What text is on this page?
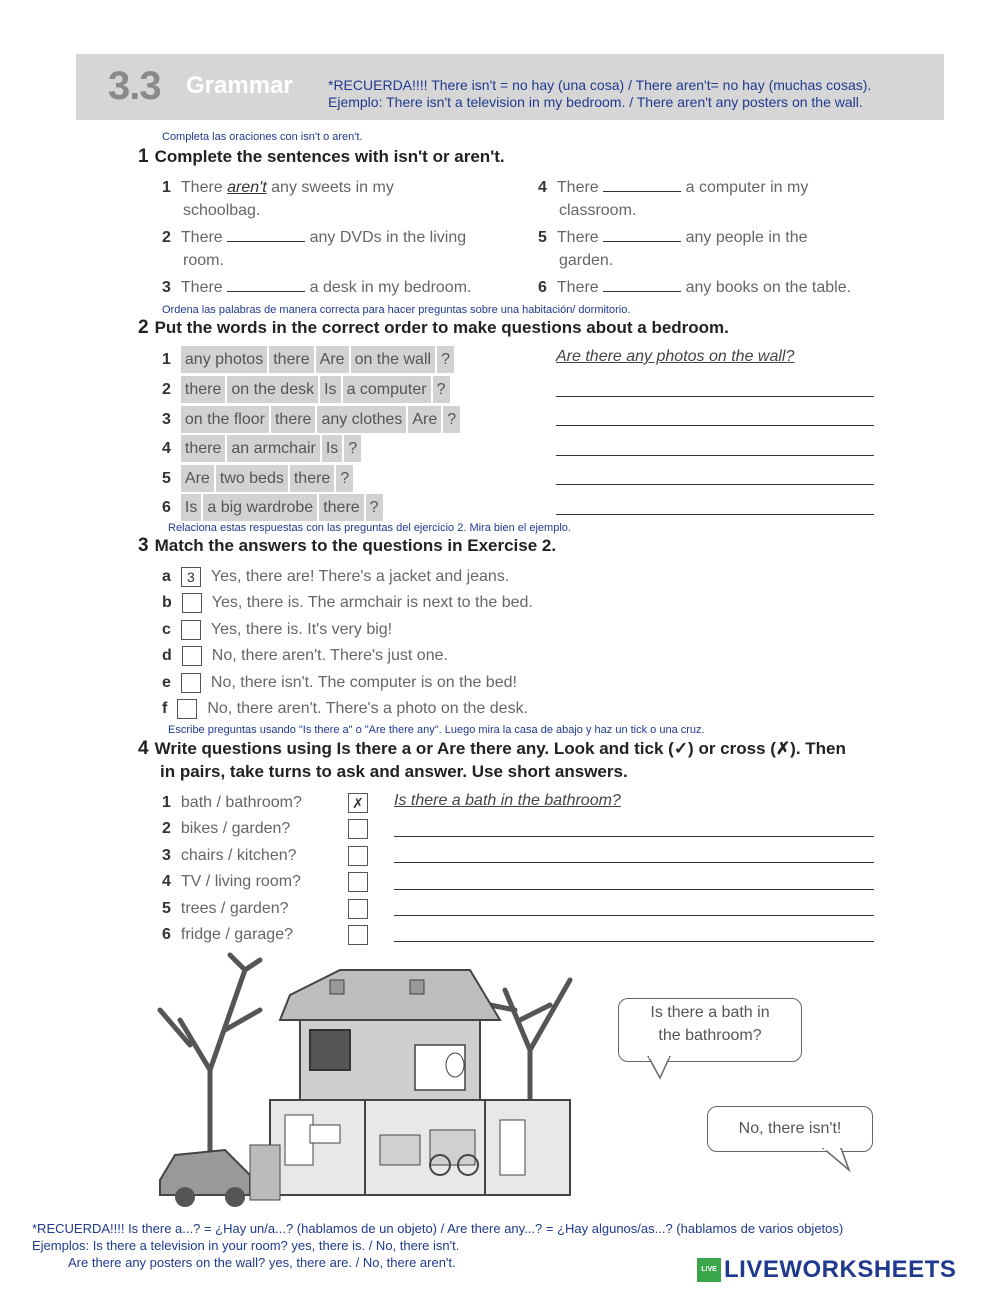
3.3 Grammar	*RECUERDA!!!! There isn't = no hay (una cosa) / There aren't= no hay (muchas cosas).
Ejemplo: There isn't a television in my bedroom. / There aren't any posters on the wall.
Completa las oraciones con isn't o aren't.
1 Complete the sentences with isn't or aren't.
1 There aren't any sweets in my
schoolbag.
2 There	any DVDs in the living
room.
3 There	a desk in my bedroom.
4 There	a computer in my
classroom.
5 There	any people in the
garden.
6 There	any books on the table.
Ordena las palabras de manera correcta para hacer preguntas sobre una habitación/ dormitorio.
2 Put the words in the correct order to make questions about a bedroom.
1 any photos there Are on the wall ?	Are there any photos on the wall?
2 there on the desk Is a computer ?
3 on the floor there any clothes Are ?
4 there an armchair Is ?
5 Are two beds there ?
6 Is a big wardrobe there ?
Relaciona estas respuestas con las preguntas del ejercicio 2. Mira bien el ejemplo.
3 Match the answers to the questions in Exercise 2.
a 3 Yes, there are! There's a jacket and jeans.
b	Yes, there is. The armchair is next to the bed.
c	Yes, there is. It's very big!
d	No, there aren't. There's just one.
e	No, there isn't. The computer is on the bed!
f	No, there aren't. There's a photo on the desk.
Escribe preguntas usando "Is there a" o "Are there any". Luego mira la casa de abajo y haz un tick o una cruz.
4 Write questions using Is there a or Are there any. Look and tick (✓) or cross (✗). Then
in pairs, take turns to ask and answer. Use short answers.
1 bath / bathroom?	✗ Is there a bath in the bathroom?
2 bikes / garden?
3 chairs / kitchen?
4 TV / living room?
5 trees / garden?
6 fridge / garage?
Is there a bath in
the bathroom?
No, there isn't!
*RECUERDA!!!! Is there a...? = ¿Hay un/a...? (hablamos de un objeto) / Are there any...? = ¿Hay algunos/as...? (hablamos de varios objetos)
Ejemplos: Is there a television in your room? yes, there is. / No, there isn't.
Are there any posters on the wall? yes, there are. / No, there aren't.	LIVE LIVEWORKSHEETS
